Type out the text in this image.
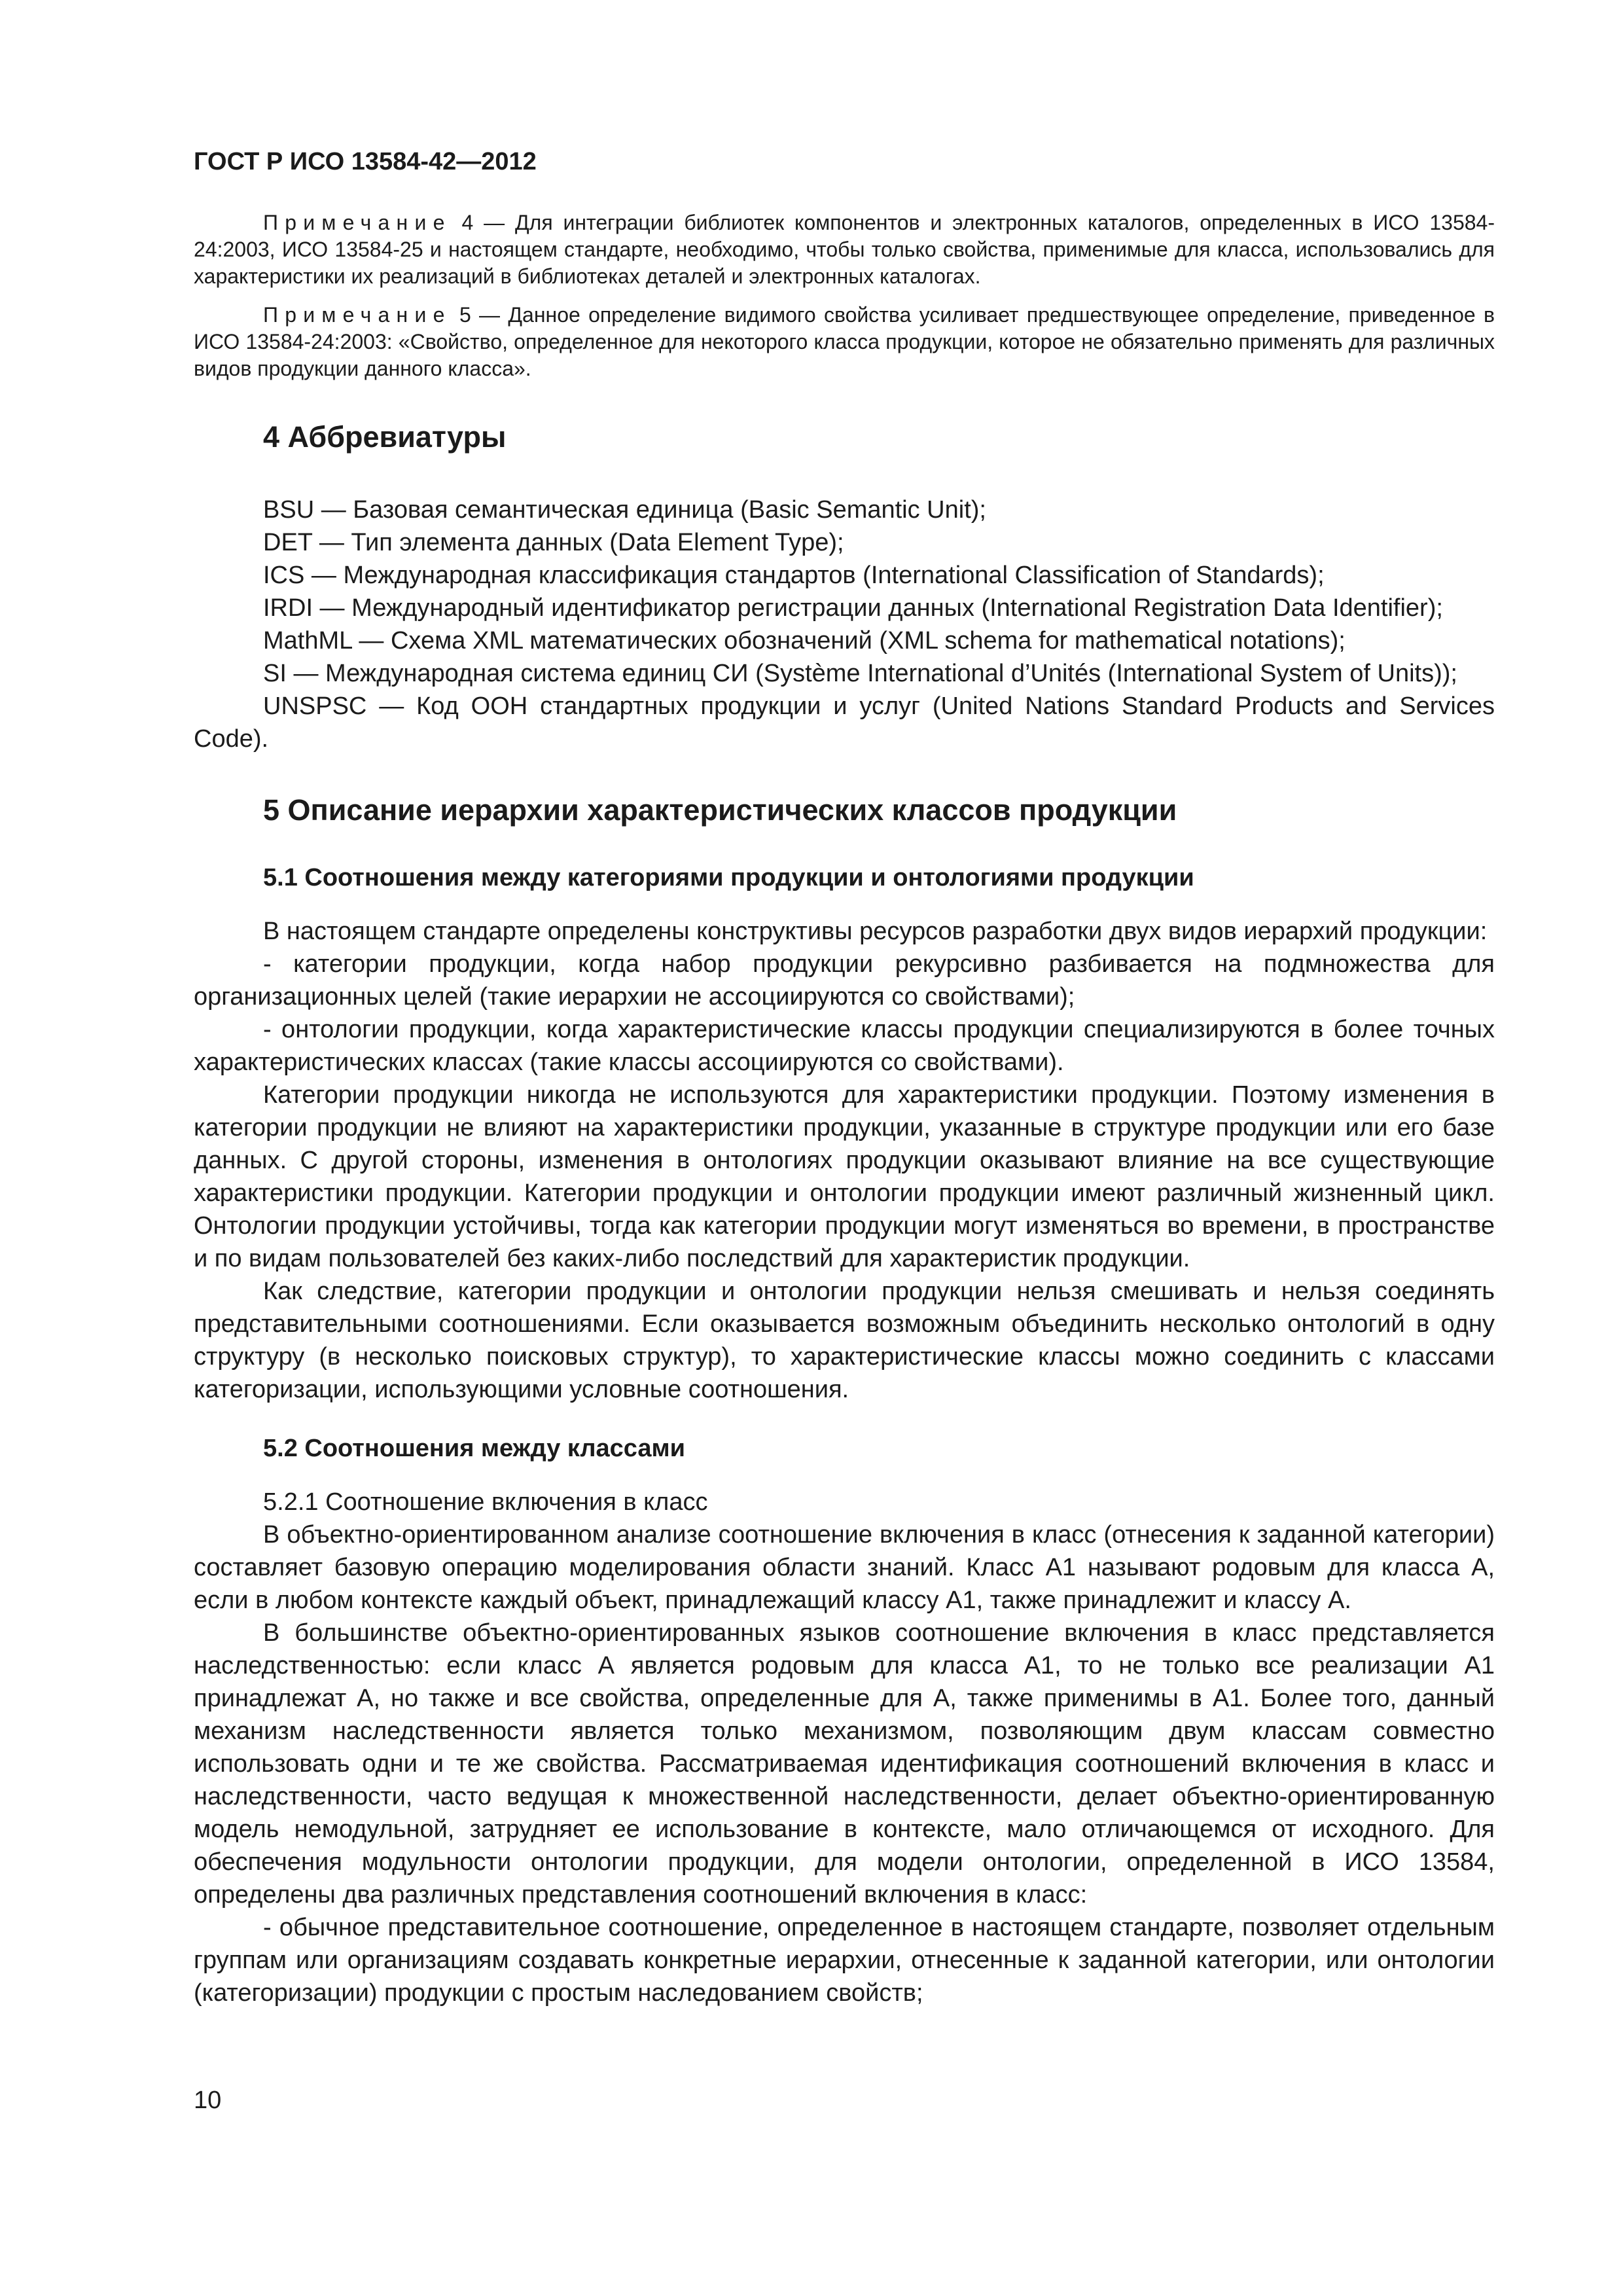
ГОСТ Р ИСО 13584-42—2012

Примечание 4 — Для интеграции библиотек компонентов и электронных каталогов, определенных в ИСО 13584-24:2003, ИСО 13584-25 и настоящем стандарте, необходимо, чтобы только свойства, применимые для класса, использовались для характеристики их реализаций в библиотеках деталей и электронных каталогах.

Примечание 5 — Данное определение видимого свойства усиливает предшествующее определение, приведенное в ИСО 13584-24:2003: «Свойство, определенное для некоторого класса продукции, которое не обязательно применять для различных видов продукции данного класса».

4 Аббревиатуры

BSU — Базовая семантическая единица (Basic Semantic Unit);

DET — Тип элемента данных (Data Element Type);

ICS — Международная классификация стандартов (International Classification of Standards);

IRDI — Международный идентификатор регистрации данных (International Registration Data Identifier);

MathML — Схема XML математических обозначений (XML schema for mathematical notations);

SI — Международная система единиц СИ (Système International d’Unités (International System of Units));

UNSPSC — Код ООН стандартных продукции и услуг (United Nations Standard Products and Services Code).

5 Описание иерархии характеристических классов продукции
5.1 Соотношения между категориями продукции и онтологиями продукции

В настоящем стандарте определены конструктивы ресурсов разработки двух видов иерархий продукции:

- категории продукции, когда набор продукции рекурсивно разбивается на подмножества для организационных целей (такие иерархии не ассоциируются со свойствами);

- онтологии продукции, когда характеристические классы продукции специализируются в более точных характеристических классах (такие классы ассоциируются со свойствами).

Категории продукции никогда не используются для характеристики продукции. Поэтому изменения в категории продукции не влияют на характеристики продукции, указанные в структуре продукции или его базе данных. С другой стороны, изменения в онтологиях продукции оказывают влияние на все существующие характеристики продукции. Категории продукции и онтологии продукции имеют различный жизненный цикл. Онтологии продукции устойчивы, тогда как категории продукции могут изменяться во времени, в пространстве и по видам пользователей без каких-либо последствий для характеристик продукции.

Как следствие, категории продукции и онтологии продукции нельзя смешивать и нельзя соединять представительными соотношениями. Если оказывается возможным объединить несколько онтологий в одну структуру (в несколько поисковых структур), то характеристические классы можно соединить с классами категоризации, использующими условные соотношения.

5.2 Соотношения между классами

5.2.1 Соотношение включения в класс

В объектно-ориентированном анализе соотношение включения в класс (отнесения к заданной категории) составляет базовую операцию моделирования области знаний. Класс А1 называют родовым для класса А, если в любом контексте каждый объект, принадлежащий классу А1, также принадлежит и классу А.

В большинстве объектно-ориентированных языков соотношение включения в класс представляется наследственностью: если класс А является родовым для класса А1, то не только все реализации А1 принадлежат А, но также и все свойства, определенные для А, также применимы в А1. Более того, данный механизм наследственности является только механизмом, позволяющим двум классам совместно использовать одни и те же свойства. Рассматриваемая идентификация соотношений включения в класс и наследственности, часто ведущая к множественной наследственности, делает объектно-ориентированную модель немодульной, затрудняет ее использование в контексте, мало отличающемся от исходного. Для обеспечения модульности онтологии продукции, для модели онтологии, определенной в ИСО 13584, определены два различных представления соотношений включения в класс:

- обычное представительное соотношение, определенное в настоящем стандарте, позволяет отдельным группам или организациям создавать конкретные иерархии, отнесенные к заданной категории, или онтологии (категоризации) продукции с простым наследованием свойств;

10
